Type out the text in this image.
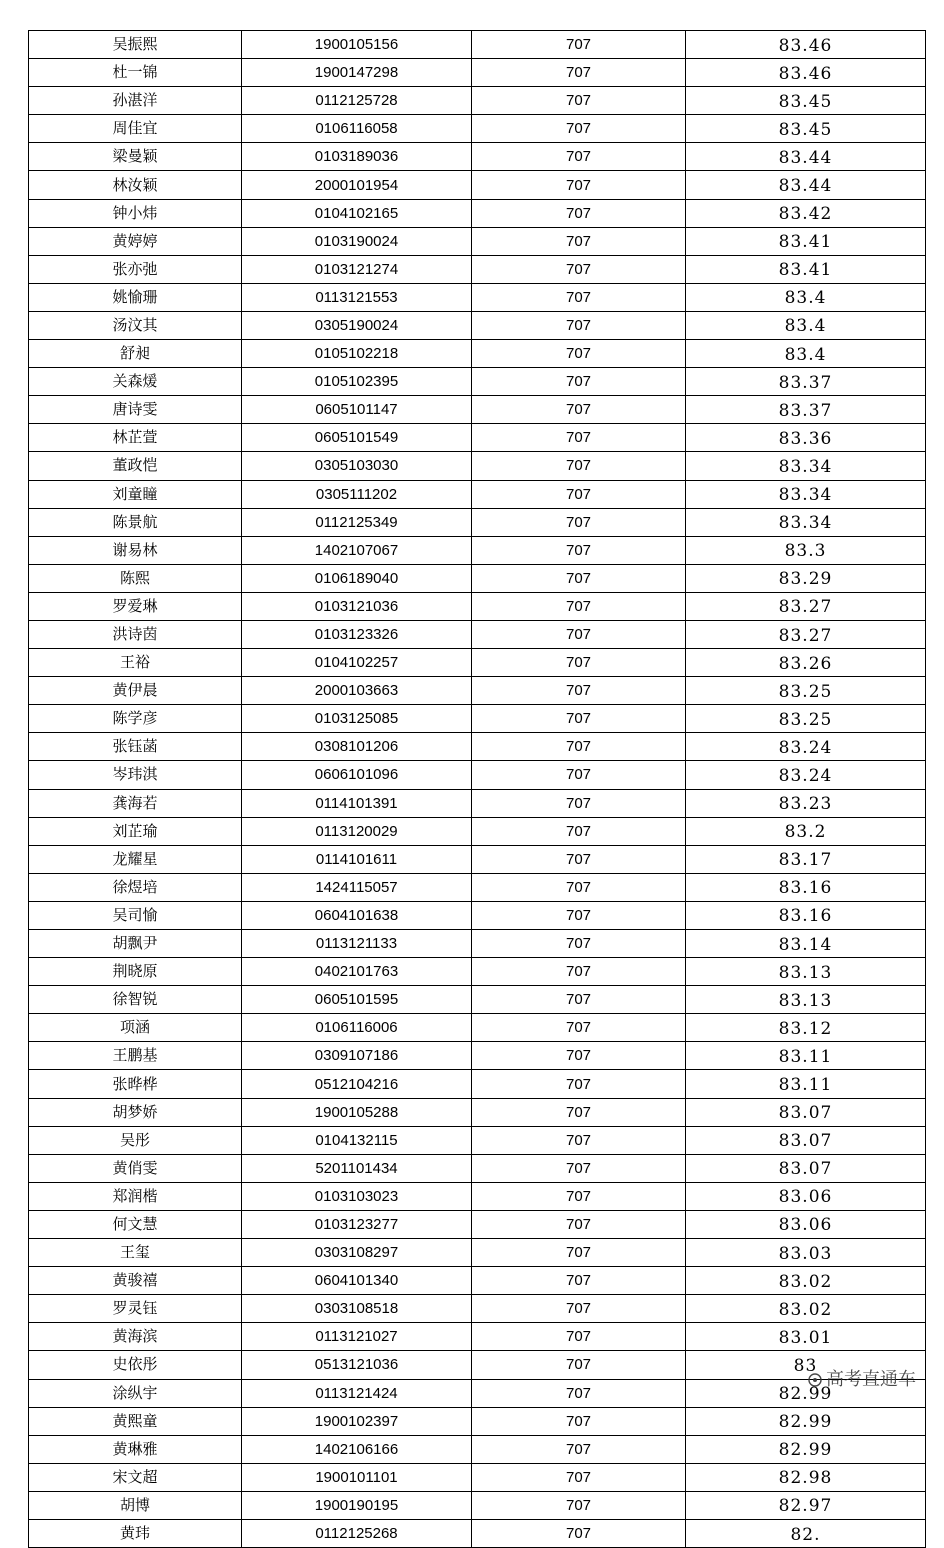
吴振熙	1900105156	707	83.46
杜一锦	1900147298	707	83.46
孙湛洋	0112125728	707	83.45
周佳宜	0106116058	707	83.45
梁曼颖	0103189036	707	83.44
林汝颖	2000101954	707	83.44
钟小炜	0104102165	707	83.42
黄婷婷	0103190024	707	83.41
张亦弛	0103121274	707	83.41
姚愉珊	0113121553	707	83.4
汤汶其	0305190024	707	83.4
舒昶	0105102218	707	83.4
关森煖	0105102395	707	83.37
唐诗雯	0605101147	707	83.37
林芷萱	0605101549	707	83.36
董政恺	0305103030	707	83.34
刘童瞳	0305111202	707	83.34
陈景航	0112125349	707	83.34
谢易林	1402107067	707	83.3
陈熙	0106189040	707	83.29
罗爱琳	0103121036	707	83.27
洪诗茵	0103123326	707	83.27
王裕	0104102257	707	83.26
黄伊晨	2000103663	707	83.25
陈学彦	0103125085	707	83.25
张钰菡	0308101206	707	83.24
岑玮淇	0606101096	707	83.24
龚海若	0114101391	707	83.23
刘芷瑜	0113120029	707	83.2
龙耀星	0114101611	707	83.17
徐煜培	1424115057	707	83.16
吴司愉	0604101638	707	83.16
胡飘尹	0113121133	707	83.14
荆晓原	0402101763	707	83.13
徐智锐	0605101595	707	83.13
项涵	0106116006	707	83.12
王鹏基	0309107186	707	83.11
张晔桦	0512104216	707	83.11
胡梦娇	1900105288	707	83.07
吴彤	0104132115	707	83.07
黄俏雯	5201101434	707	83.07
郑润楷	0103103023	707	83.06
何文慧	0103123277	707	83.06
王玺	0303108297	707	83.03
黄骏禧	0604101340	707	83.02
罗灵钰	0303108518	707	83.02
黄海滨	0113121027	707	83.01
史依彤	0513121036	707	83
涂纵宇	0113121424	707	82.99
黄熙童	1900102397	707	82.99
黄琳雅	1402106166	707	82.99
宋文超	1900101101	707	82.98
胡博	1900190195	707	82.97
黄玮	0112125268	707	82.
高考直通车
